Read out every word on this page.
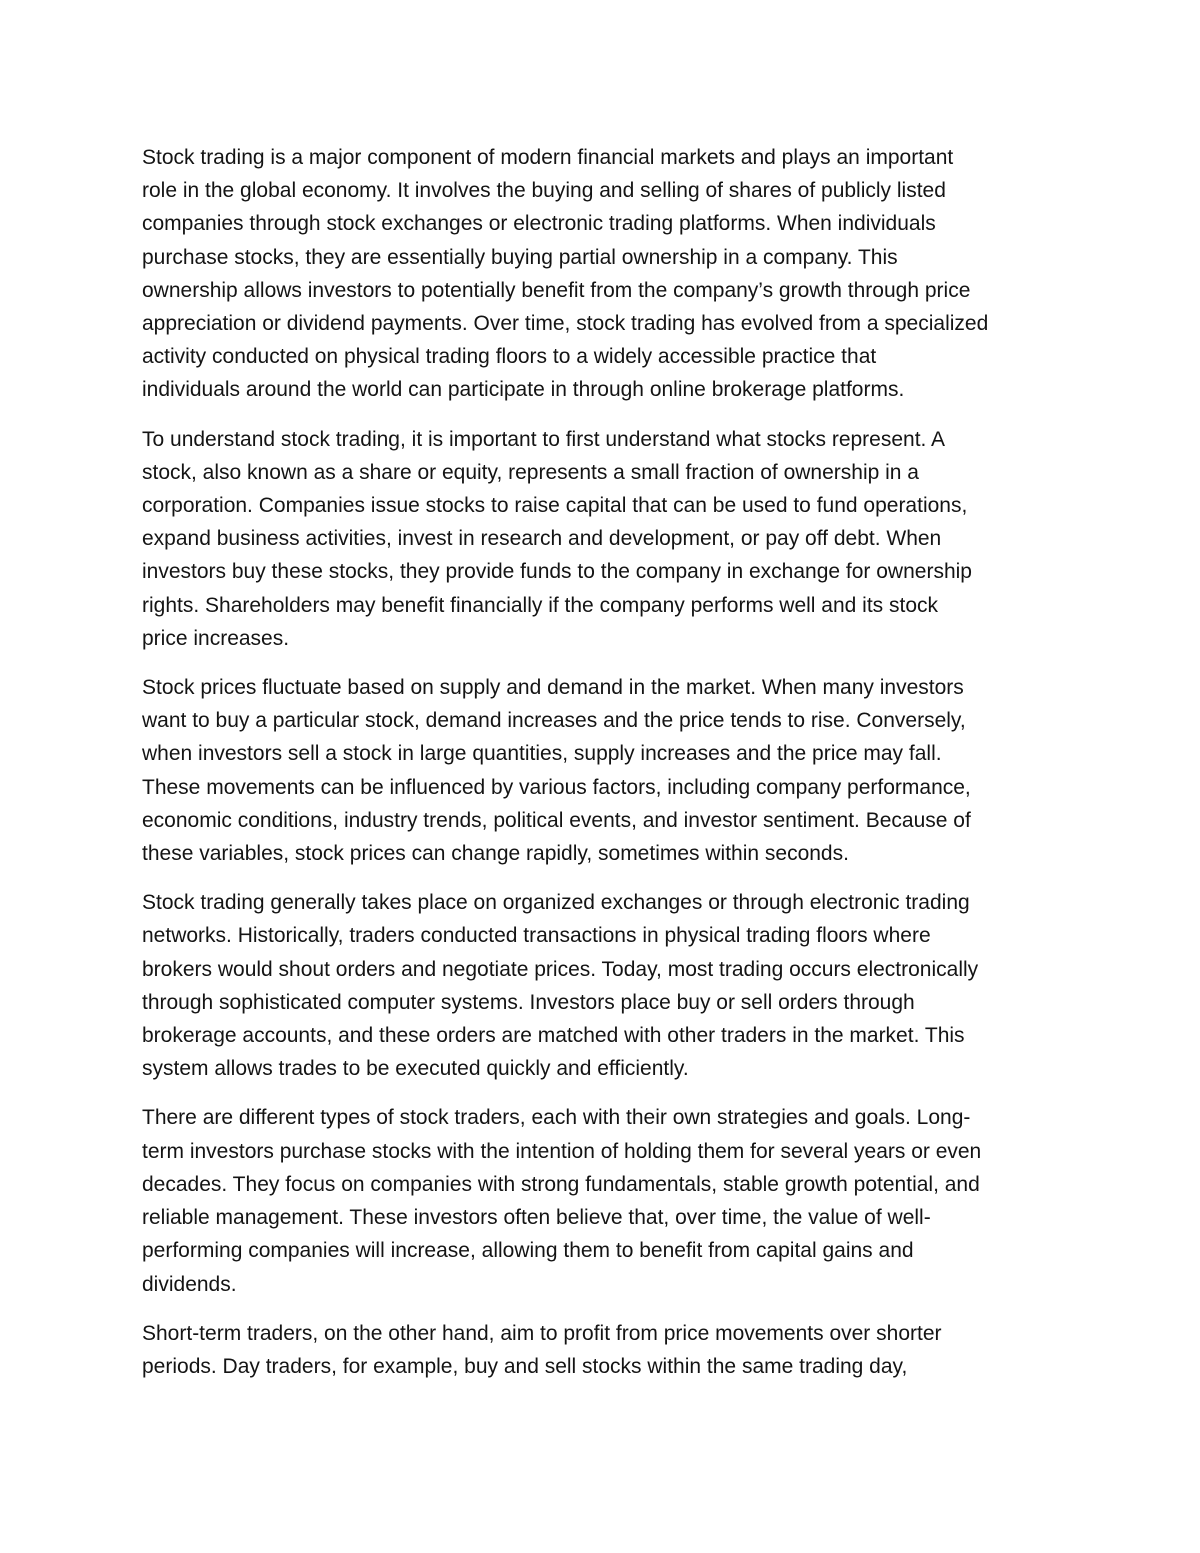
Stock trading is a major component of modern financial markets and plays an important
role in the global economy. It involves the buying and selling of shares of publicly listed
companies through stock exchanges or electronic trading platforms. When individuals
purchase stocks, they are essentially buying partial ownership in a company. This
ownership allows investors to potentially benefit from the company’s growth through price
appreciation or dividend payments. Over time, stock trading has evolved from a specialized
activity conducted on physical trading floors to a widely accessible practice that
individuals around the world can participate in through online brokerage platforms.

To understand stock trading, it is important to first understand what stocks represent. A
stock, also known as a share or equity, represents a small fraction of ownership in a
corporation. Companies issue stocks to raise capital that can be used to fund operations,
expand business activities, invest in research and development, or pay off debt. When
investors buy these stocks, they provide funds to the company in exchange for ownership
rights. Shareholders may benefit financially if the company performs well and its stock
price increases.

Stock prices fluctuate based on supply and demand in the market. When many investors
want to buy a particular stock, demand increases and the price tends to rise. Conversely,
when investors sell a stock in large quantities, supply increases and the price may fall.
These movements can be influenced by various factors, including company performance,
economic conditions, industry trends, political events, and investor sentiment. Because of
these variables, stock prices can change rapidly, sometimes within seconds.

Stock trading generally takes place on organized exchanges or through electronic trading
networks. Historically, traders conducted transactions in physical trading floors where
brokers would shout orders and negotiate prices. Today, most trading occurs electronically
through sophisticated computer systems. Investors place buy or sell orders through
brokerage accounts, and these orders are matched with other traders in the market. This
system allows trades to be executed quickly and efficiently.

There are different types of stock traders, each with their own strategies and goals. Long-
term investors purchase stocks with the intention of holding them for several years or even
decades. They focus on companies with strong fundamentals, stable growth potential, and
reliable management. These investors often believe that, over time, the value of well-
performing companies will increase, allowing them to benefit from capital gains and
dividends.

Short-term traders, on the other hand, aim to profit from price movements over shorter
periods. Day traders, for example, buy and sell stocks within the same trading day,
